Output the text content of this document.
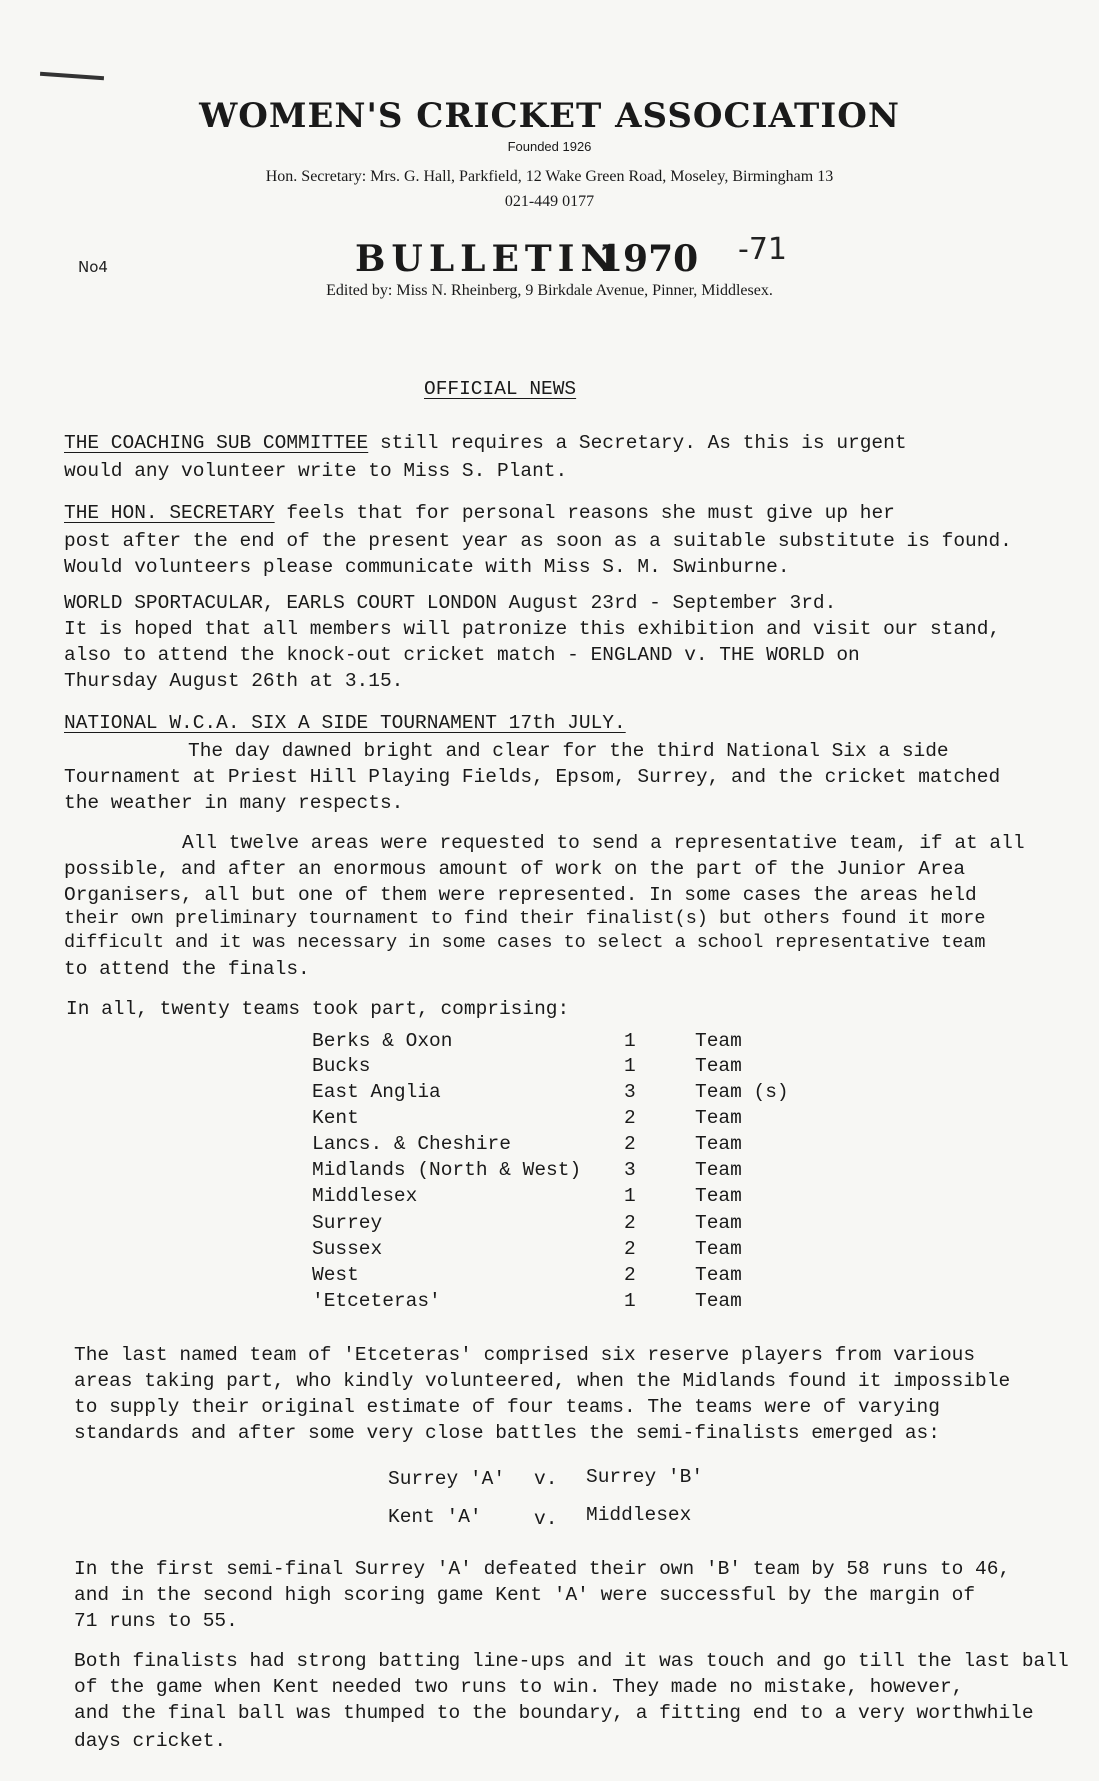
WOMEN'S CRICKET ASSOCIATION
Founded 1926
Hon. Secretary: Mrs. G. Hall, Parkfield, 12 Wake Green Road, Moseley, Birmingham 13
021-449 0177
No4	BULLETIN
1970 -71
Edited by: Miss N. Rheinberg, 9 Birkdale Avenue, Pinner, Middlesex.
OFFICIAL NEWS
THE COACHING SUB COMMITTEE still requires a Secretary. As this is urgent
would any volunteer write to Miss S. Plant.
THE HON. SECRETARY feels that for personal reasons she must give up her
post after the end of the present year as soon as a suitable substitute is found.
Would volunteers please communicate with Miss S. M. Swinburne.
WORLD SPORTACULAR, EARLS COURT LONDON August 23rd - September 3rd.
It is hoped that all members will patronize this exhibition and visit our stand,
also to attend the knock-out cricket match - ENGLAND v. THE WORLD on
Thursday August 26th at 3.15.
NATIONAL W.C.A. SIX A SIDE TOURNAMENT 17th JULY.
The day dawned bright and clear for the third National Six a side
Tournament at Priest Hill Playing Fields, Epsom, Surrey, and the cricket matched
the weather in many respects.
All twelve areas were requested to send a representative team, if at all
possible, and after an enormous amount of work on the part of the Junior Area
Organisers, all but one of them were represented. In some cases the areas held
their own preliminary tournament to find their finalist(s) but others found it more
difficult and it was necessary in some cases to select a school representative team
to attend the finals.
In all, twenty teams took part, comprising:
Berks & Oxon	1	Team
Bucks	1	Team
East Anglia	3	Team (s)
Kent	2	Team
Lancs. & Cheshire	2	Team
Midlands (North & West) 3	Team
Middlesex	1	Team
Surrey	2	Team
Sussex	2	Team
West	2	Team
'Etceteras'	1	Team
The last named team of 'Etceteras' comprised six reserve players from various
areas taking part, who kindly volunteered, when the Midlands found it impossible
to supply their original estimate of four teams. The teams were of varying
standards and after some very close battles the semi-finalists emerged as:
Surrey 'A' v. Surrey 'B'
Kent 'A'	v. Middlesex
In the first semi-final Surrey 'A' defeated their own 'B' team by 58 runs to 46,
and in the second high scoring game Kent 'A' were successful by the margin of
71 runs to 55.
Both finalists had strong batting line-ups and it was touch and go till the last ball
of the game when Kent needed two runs to win. They made no mistake, however,
and the final ball was thumped to the boundary, a fitting end to a very worthwhile
days cricket.
